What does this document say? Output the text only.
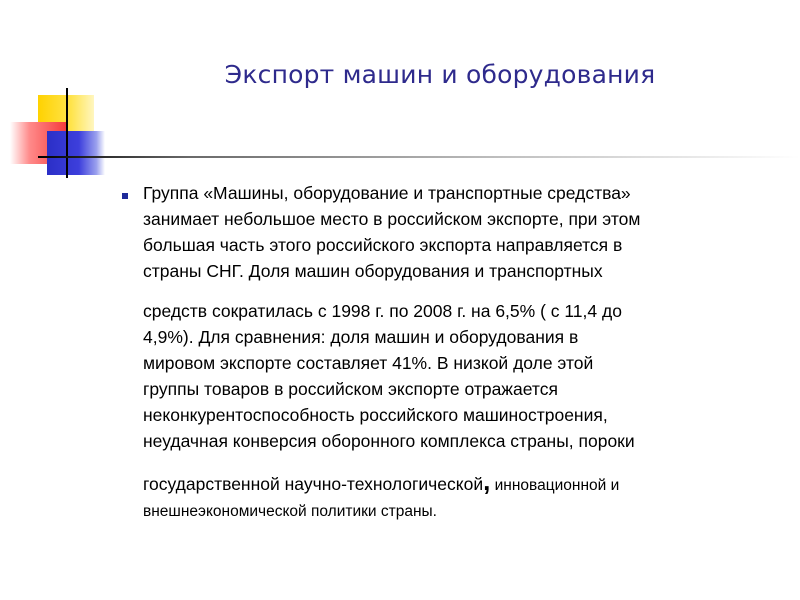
Экспорт машин и оборудования
Группа «Машины, оборудование и транспортные средства»
занимает небольшое место в российском экспорте, при этом
большая часть этого российского экспорта направляется в
страны СНГ. Доля машин оборудования и транспортных
средств сократилась с 1998 г. по 2008 г. на 6,5% ( с 11,4 до
4,9%). Для сравнения: доля машин и оборудования в
мировом экспорте составляет 41%. В низкой доле этой
группы товаров в российском экспорте отражается
неконкурентоспособность российского машиностроения,
неудачная конверсия оборонного комплекса страны, пороки
государственной научно-технологической, инновационной и
внешнеэкономической политики страны.
